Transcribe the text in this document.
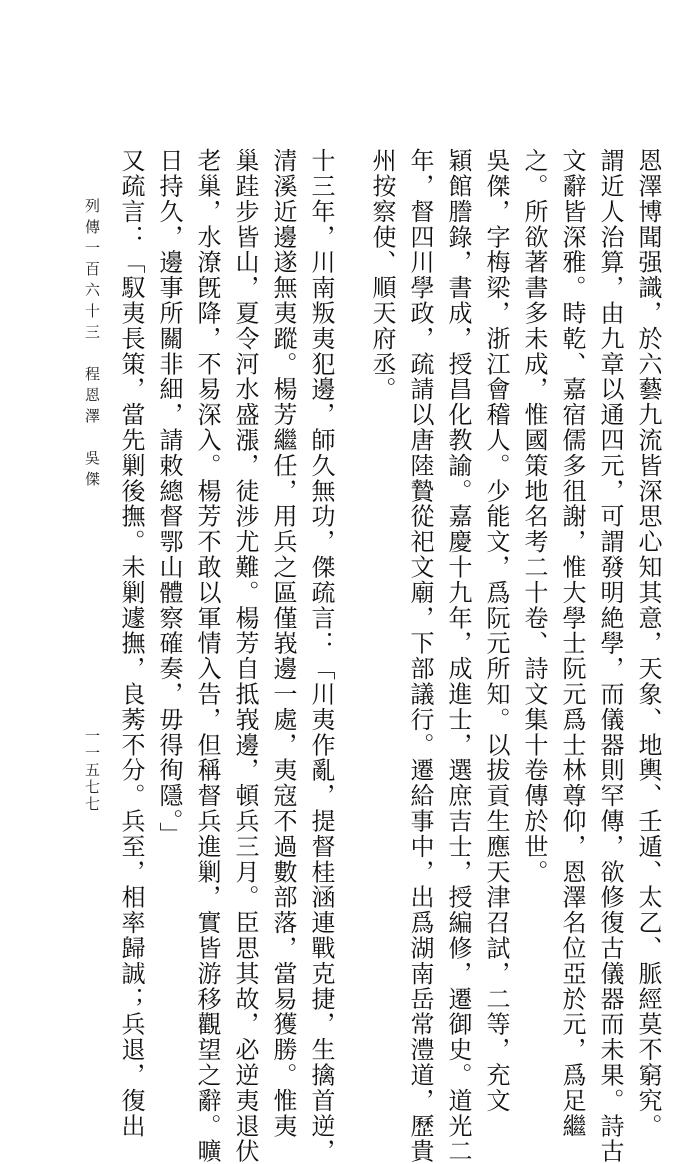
恩澤博聞强識，於六藝九流皆深思心知其意，天象、地輿、壬遁、太乙、脈經莫不窮究。
謂近人治算，由九章以通四元，可謂發明絶學，而儀器則罕傳，欲修復古儀器而未果。詩古
文辭皆深雅。時乾、嘉宿儒多徂謝，惟大學士阮元爲士林尊仰，恩澤名位亞於元，爲足繼
之。所欲著書多未成，惟國策地名考二十卷、詩文集十卷傳於世。
吳傑，字梅梁，浙江會稽人。少能文，爲阮元所知。以拔貢生應天津召試，二等，充文
穎館謄錄，書成，授昌化教諭。嘉慶十九年，成進士，選庶吉士，授編修，遷御史。道光二
年，督四川學政，疏請以唐陸贄從祀文廟，下部議行。遷給事中，出爲湖南岳常澧道，歷貴
州按察使、順天府丞。
十三年，川南叛夷犯邊，師久無功，傑疏言：「川夷作亂，提督桂涵連戰克捷，生擒首逆，
清溪近邊遂無夷蹤。楊芳繼任，用兵之區僅峩邊一處，夷寇不過數部落，當易獲勝。惟夷
巢跬步皆山，夏令河水盛漲，徒涉尤難。楊芳自抵峩邊，頓兵三月。臣思其故，必逆夷退伏
老巢，水潦旣降，不易深入。楊芳不敢以軍情入告，但稱督兵進剿，實皆游移觀望之辭。曠
日持久，邊事所關非細，請敕總督鄂山體察確奏，毋得徇隱。」
又疏言：「馭夷長策，當先剿後撫。未剿遽撫，良莠不分。兵至，相率歸誠；兵退，復出
列傳一百六十三　程恩澤　吳傑
一一五七七
